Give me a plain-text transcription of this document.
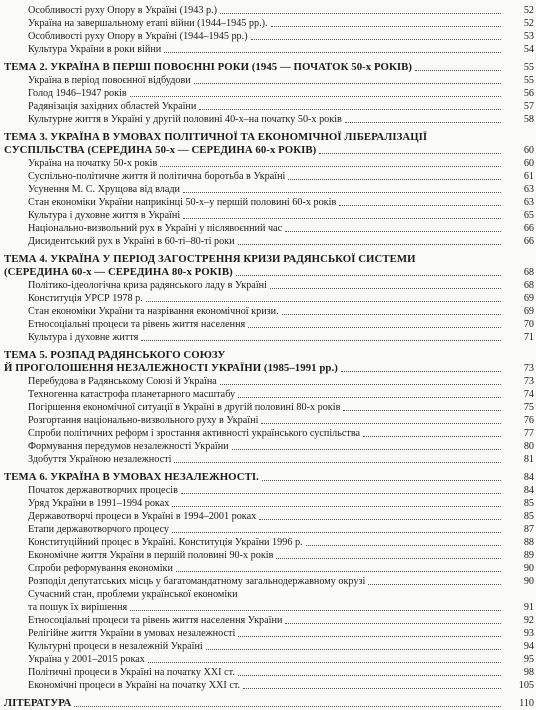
Особливості руху Опору в Україні (1943 р.)	52
Україна на завершальному етапі війни (1944–1945 рр.).	52
Особливості руху Опору в Україні (1944–1945 рр.)	53
Культура України в роки війни	54
ТЕМА 2. УКРАЇНА В ПЕРШІ ПОВОЄННІ РОКИ (1945 — ПОЧАТОК 50-х РОКІВ)	55
Україна в період повоєнної відбудови	55
Голод 1946–1947 років	56
Радянізація західних областей України	57
Культурне життя в Україні у другій половині 40-х–на початку 50-х років	58
ТЕМА 3. УКРАЇНА В УМОВАХ ПОЛІТИЧНОЇ ТА ЕКОНОМІЧНОЇ ЛІБЕРАЛІЗАЦІЇ
СУСПІЛЬСТВА (СЕРЕДИНА 50-х — СЕРЕДИНА 60-х РОКІВ)	60
Україна на початку 50-х років	60
Суспільно-політичне життя й політична боротьба в Україні	61
Усунення М. С. Хрущова від влади	63
Стан економіки України наприкінці 50-х–у першій половині 60-х років	63
Культура і духовне життя в Україні	65
Національно-визвольний рух в Україні у післявоєнний час	66
Дисидентський рух в Україні в 60-ті–80-ті роки	66
ТЕМА 4. УКРАЇНА У ПЕРІОД ЗАГОСТРЕННЯ КРИЗИ РАДЯНСЬКОЇ СИСТЕМИ
(СЕРЕДИНА 60-х — СЕРЕДИНА 80-х РОКІВ)	68
Політико-ідеологічна криза радянського ладу в Україні	68
Конституція УРСР 1978 р.	69
Стан економіки України та назрівання економічної кризи.	69
Етносоціальні процеси та рівень життя населення	70
Культура і духовне життя	71
ТЕМА 5. РОЗПАД РАДЯНСЬКОГО СОЮЗУ
Й ПРОГОЛОШЕННЯ НЕЗАЛЕЖНОСТІ УКРАЇНИ (1985–1991 рр.)	73
Перебудова в Радянському Союзі й Україна	73
Техногенна катастрофа планетарного масштабу	74
Погіршення економічної ситуації в Україні в другій половині 80-х років	75
Розгортання національно-визвольного руху в Україні	76
Спроби політичних реформ і зростання активності українського суспільства	77
Формування передумов незалежності України	80
Здобуття Україною незалежності	81
ТЕМА 6. УКРАЇНА В УМОВАХ НЕЗАЛЕЖНОСТІ.	84
Початок державотворчих процесів	84
Уряд України в 1991–1994 роках	85
Державотворчі процеси в Україні в 1994–2001 роках	85
Етапи державотворчого процесу	87
Конституційний процес в Україні. Конституція України 1996 р.	88
Економічне життя України в першій половині 90-х років	89
Спроби реформування економіки	90
Розподіл депутатських місць у багатомандатному загальнодержавному окрузі	90
Сучасний стан, проблеми української економіки
та пошук їх вирішення	91
Етносоціальні процеси та рівень життя населення України	92
Релігійне життя України в умовах незалежності	93
Культурні процеси в незалежній Україні	94
Україна у 2001–2015 роках	95
Політичні процеси в Україні на початку XXI ст.	98
Економічні процеси в Україні на початку XXI ст.	105
ЛІТЕРАТУРА	110
